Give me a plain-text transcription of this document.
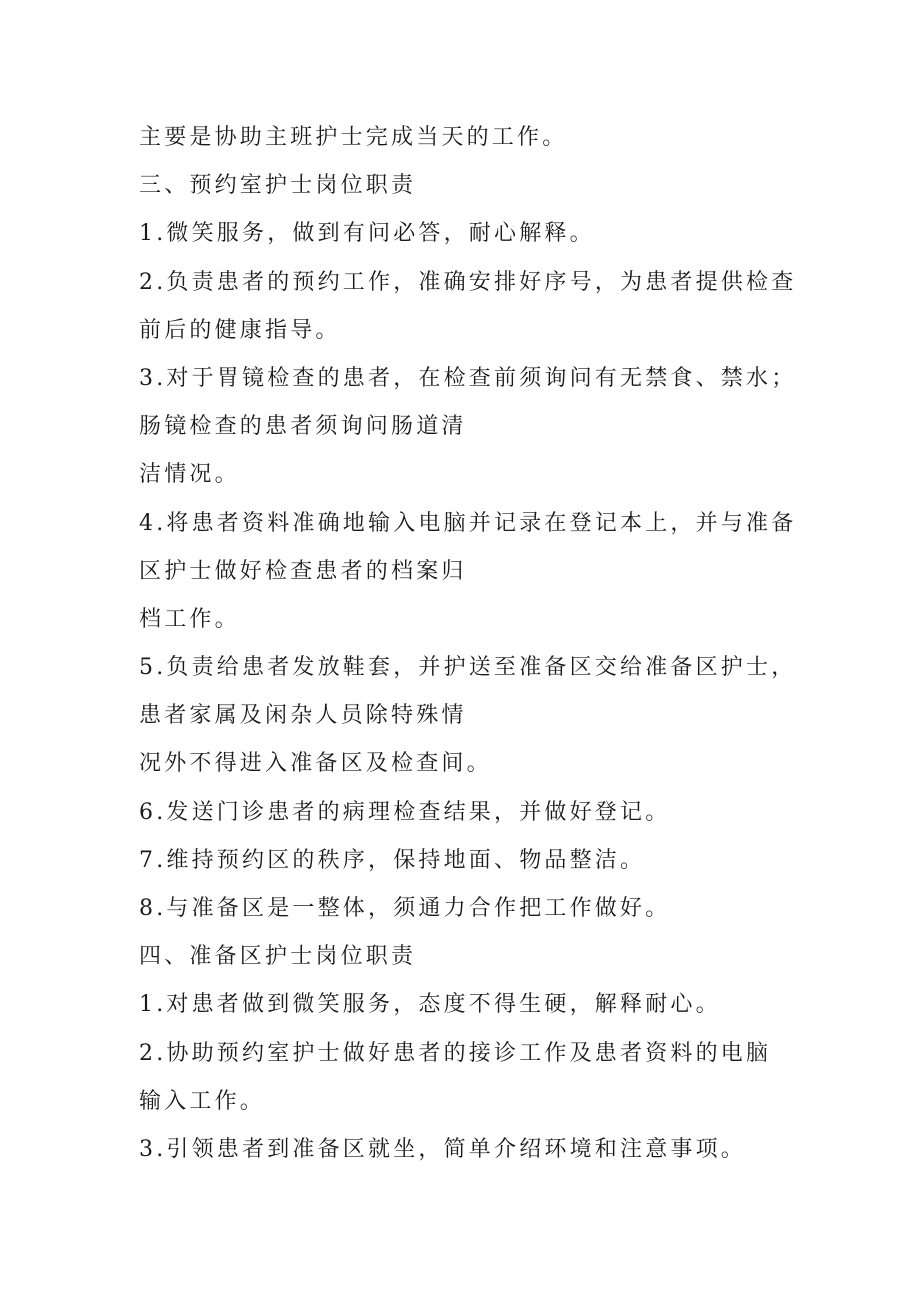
主要是协助主班护士完成当天的工作。
三、预约室护士岗位职责
1.微笑服务，做到有问必答，耐心解释。
2.负责患者的预约工作，准确安排好序号，为患者提供检查
前后的健康指导。
3.对于胃镜检查的患者，在检查前须询问有无禁食、禁水；
肠镜检查的患者须询问肠道清
洁情况。
4.将患者资料准确地输入电脑并记录在登记本上，并与准备
区护士做好检查患者的档案归
档工作。
5.负责给患者发放鞋套，并护送至准备区交给准备区护士，
患者家属及闲杂人员除特殊情
况外不得进入准备区及检查间。
6.发送门诊患者的病理检查结果，并做好登记。
7.维持预约区的秩序，保持地面、物品整洁。
8.与准备区是一整体，须通力合作把工作做好。
四、准备区护士岗位职责
1.对患者做到微笑服务，态度不得生硬，解释耐心。
2.协助预约室护士做好患者的接诊工作及患者资料的电脑
输入工作。
3.引领患者到准备区就坐，简单介绍环境和注意事项。
